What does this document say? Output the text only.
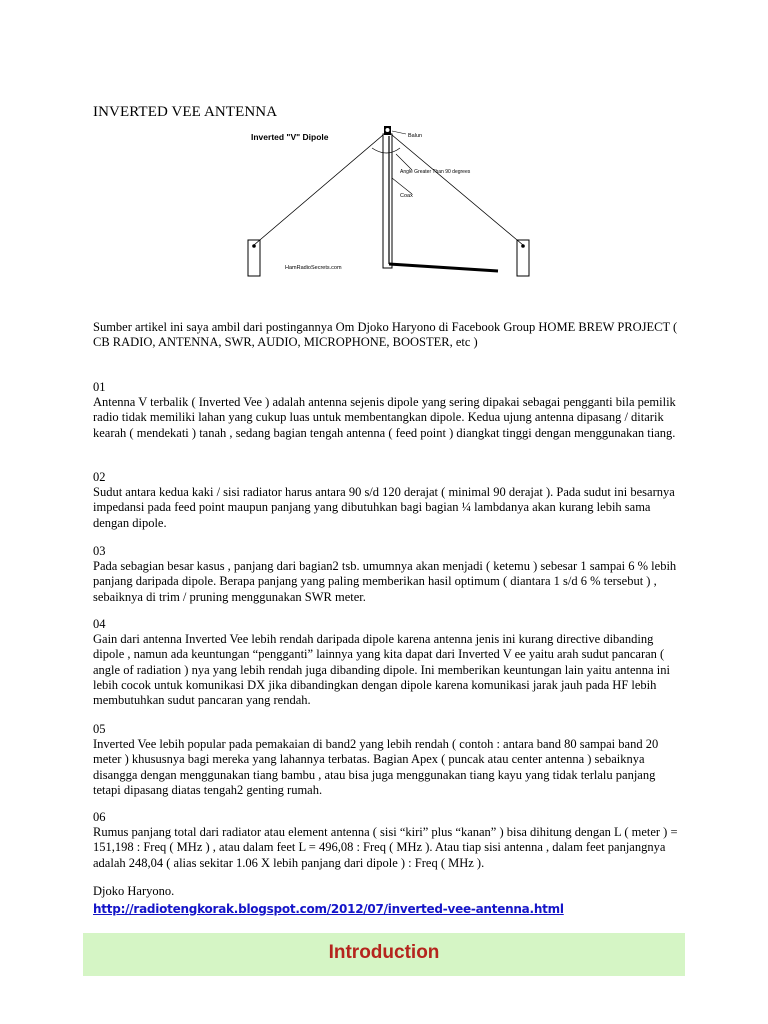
INVERTED VEE ANTENNA
Inverted "V" Dipole	Balun
Angle Greater Than 90 degrees
Coax
HamRadioSecrets.com
Sumber artikel ini saya ambil dari postingannya Om Djoko Haryono di Facebook Group HOME BREW PROJECT ( CB RADIO, ANTENNA, SWR, AUDIO, MICROPHONE, BOOSTER, etc )
01
Antenna V terbalik ( Inverted Vee ) adalah antenna sejenis dipole yang sering dipakai sebagai pengganti bila pemilik radio tidak memiliki lahan yang cukup luas untuk membentangkan dipole. Kedua ujung antenna dipasang / ditarik kearah ( mendekati ) tanah , sedang bagian tengah antenna ( feed point ) diangkat tinggi dengan menggunakan tiang.
02
Sudut antara kedua kaki / sisi radiator harus antara 90 s/d 120 derajat ( minimal 90 derajat ). Pada sudut ini besarnya impedansi pada feed point maupun panjang yang dibutuhkan bagi bagian ¼ lambdanya akan kurang lebih sama dengan dipole.
03
Pada sebagian besar kasus , panjang dari bagian2 tsb. umumnya akan menjadi ( ketemu ) sebesar 1 sampai 6 % lebih panjang daripada dipole. Berapa panjang yang paling memberikan hasil optimum ( diantara 1 s/d 6 % tersebut ) , sebaiknya di trim / pruning menggunakan SWR meter.
04
Gain dari antenna Inverted Vee lebih rendah daripada dipole karena antenna jenis ini kurang directive dibanding dipole , namun ada keuntungan “pengganti” lainnya yang kita dapat dari Inverted V ee yaitu arah sudut pancaran ( angle of radiation ) nya yang lebih rendah juga dibanding dipole. Ini memberikan keuntungan lain yaitu antenna ini lebih cocok untuk komunikasi DX jika dibandingkan dengan dipole karena komunikasi jarak jauh pada HF lebih membutuhkan sudut pancaran yang rendah.
05
Inverted Vee lebih popular pada pemakaian di band2 yang lebih rendah ( contoh : antara band 80 sampai band 20 meter ) khususnya bagi mereka yang lahannya terbatas. Bagian Apex ( puncak atau center antenna ) sebaiknya disangga dengan menggunakan tiang bambu , atau bisa juga menggunakan tiang kayu yang tidak terlalu panjang tetapi dipasang diatas tengah2 genting rumah.
06
Rumus panjang total dari radiator atau element antenna ( sisi “kiri” plus “kanan” ) bisa dihitung dengan L ( meter ) = 151,198 : Freq ( MHz ) , atau dalam feet L = 496,08 : Freq ( MHz ). Atau tiap sisi antenna , dalam feet panjangnya adalah 248,04 ( alias sekitar 1.06 X lebih panjang dari dipole ) : Freq ( MHz ).
Djoko Haryono.
http://radiotengkorak.blogspot.com/2012/07/inverted-vee-antenna.html
Introduction
